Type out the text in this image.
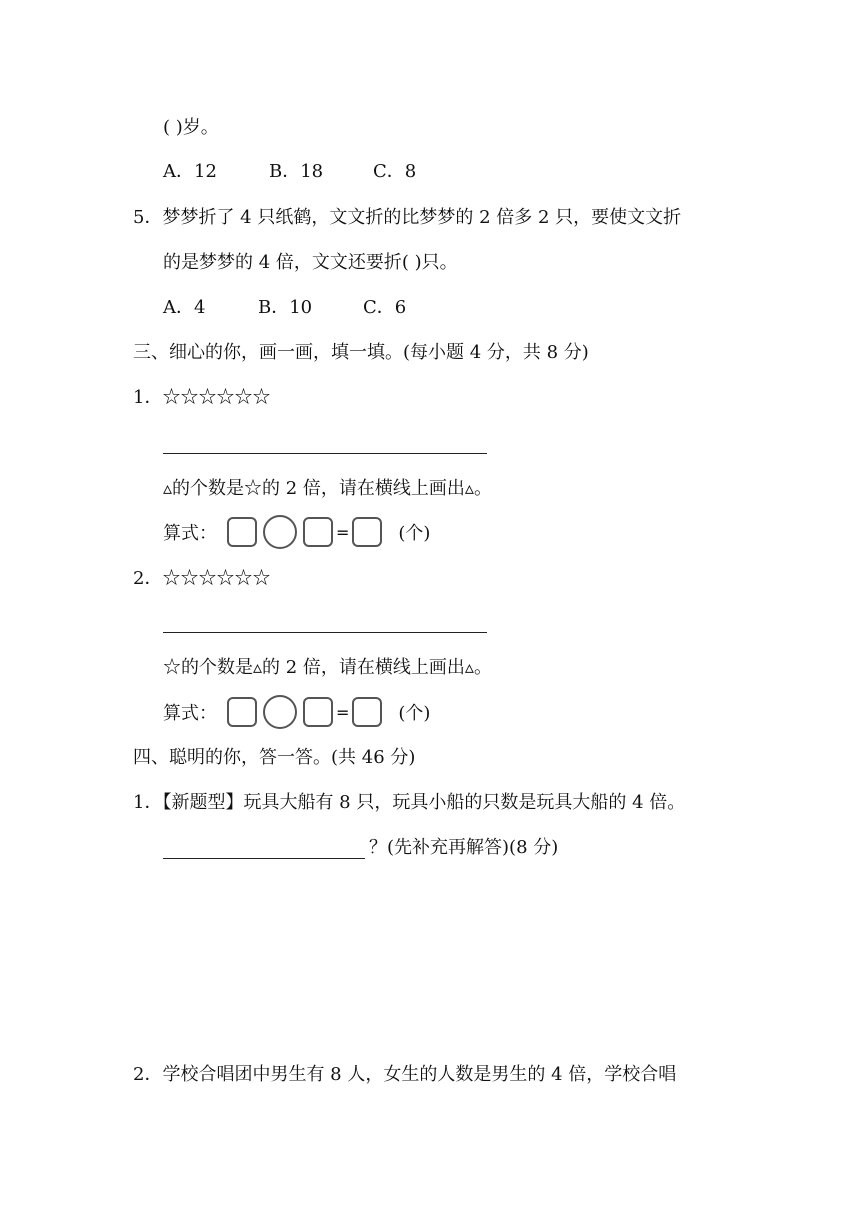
( )岁。
A．12	B．18	C．8
5．梦梦折了 4 只纸鹤，文文折的比梦梦的 2 倍多 2 只，要使文文折
的是梦梦的 4 倍，文文还要折( )只。
A．4	B．10	C．6
三、细心的你，画一画，填一填。(每小题 4 分，共 8 分)
1．☆☆☆☆☆☆
▵的个数是☆的 2 倍，请在横线上画出▵。
算式：	=	(个)
2．☆☆☆☆☆☆
☆的个数是▵的 2 倍，请在横线上画出▵。
算式：	=	(个)
四、聪明的你，答一答。(共 46 分)
1．【新题型】玩具大船有 8 只，玩具小船的只数是玩具大船的 4 倍。
？(先补充再解答)(8 分)
2．学校合唱团中男生有 8 人，女生的人数是男生的 4 倍，学校合唱
